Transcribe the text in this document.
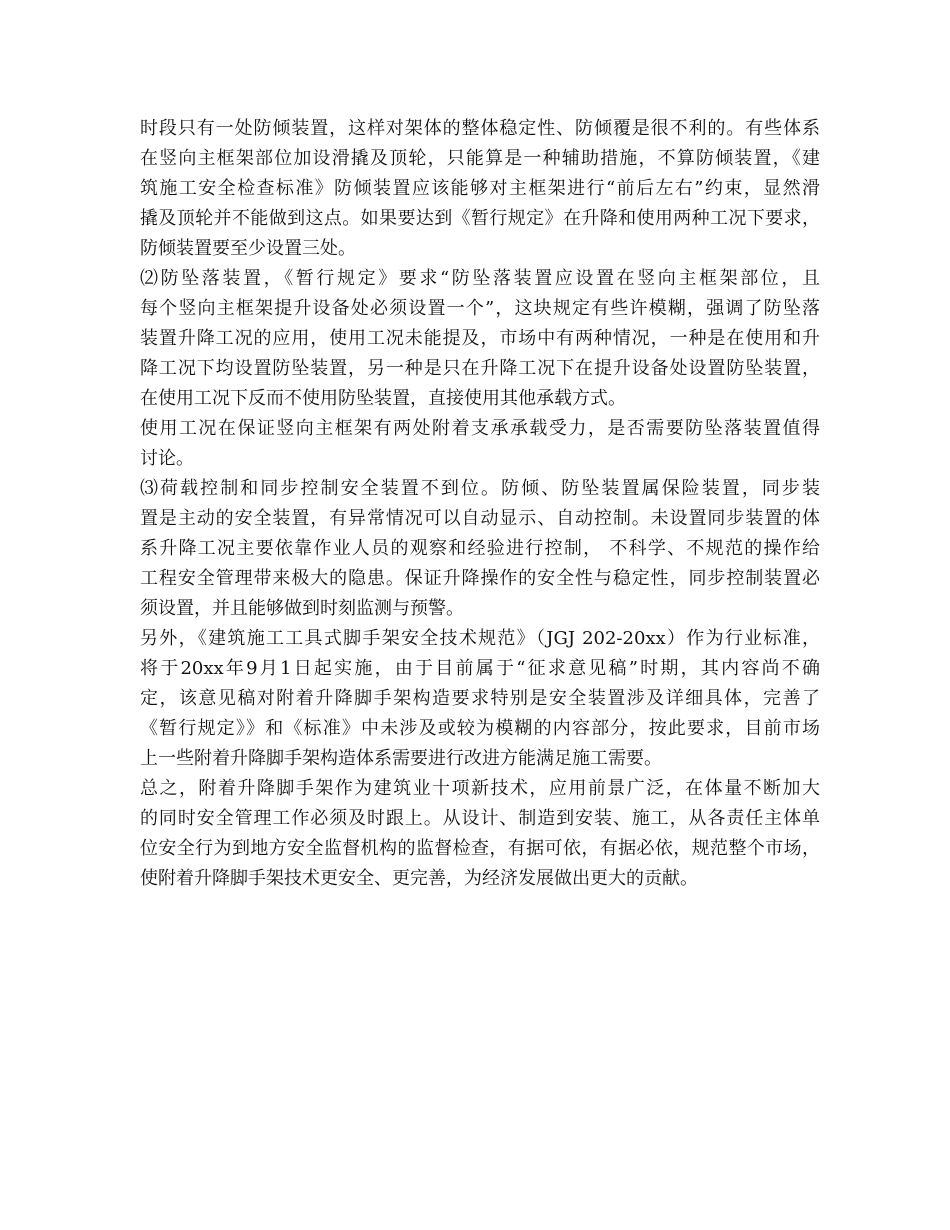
时段只有一处防倾装置，这样对架体的整体稳定性、防倾覆是很不利的。有些体系
在竖向主框架部位加设滑撬及顶轮，只能算是一种辅助措施，不算防倾装置，《建
筑施工安全检查标准》防倾装置应该能够对主框架进行“前后左右”约束，显然滑
撬及顶轮并不能做到这点。如果要达到《暂行规定》在升降和使用两种工况下要求，
防倾装置要至少设置三处。
⑵防坠落装置，《暂行规定》要求“防坠落装置应设置在竖向主框架部位，且
每个竖向主框架提升设备处必须设置一个”，这块规定有些许模糊，强调了防坠落
装置升降工况的应用，使用工况未能提及，市场中有两种情况，一种是在使用和升
降工况下均设置防坠装置，另一种是只在升降工况下在提升设备处设置防坠装置，
在使用工况下反而不使用防坠装置，直接使用其他承载方式。
使用工况在保证竖向主框架有两处附着支承承载受力，是否需要防坠落装置值得
讨论。
⑶荷载控制和同步控制安全装置不到位。防倾、防坠装置属保险装置，同步装
置是主动的安全装置，有异常情况可以自动显示、自动控制。未设置同步装置的体
系升降工况主要依靠作业人员的观察和经验进行控制， 不科学、不规范的操作给
工程安全管理带来极大的隐患。保证升降操作的安全性与稳定性，同步控制装置必
须设置，并且能够做到时刻监测与预警。
另外，《建筑施工工具式脚手架安全技术规范》（JGJ 202-20xx）作为行业标准，
将于20xx年9月1日起实施，由于目前属于“征求意见稿”时期，其内容尚不确
定，该意见稿对附着升降脚手架构造要求特别是安全装置涉及详细具体，完善了
《暂行规定》》和《标准》中未涉及或较为模糊的内容部分，按此要求，目前市场
上一些附着升降脚手架构造体系需要进行改进方能满足施工需要。
总之，附着升降脚手架作为建筑业十项新技术，应用前景广泛，在体量不断加大
的同时安全管理工作必须及时跟上。从设计、制造到安装、施工，从各责任主体单
位安全行为到地方安全监督机构的监督检查，有据可依，有据必依，规范整个市场，
使附着升降脚手架技术更安全、更完善，为经济发展做出更大的贡献。
